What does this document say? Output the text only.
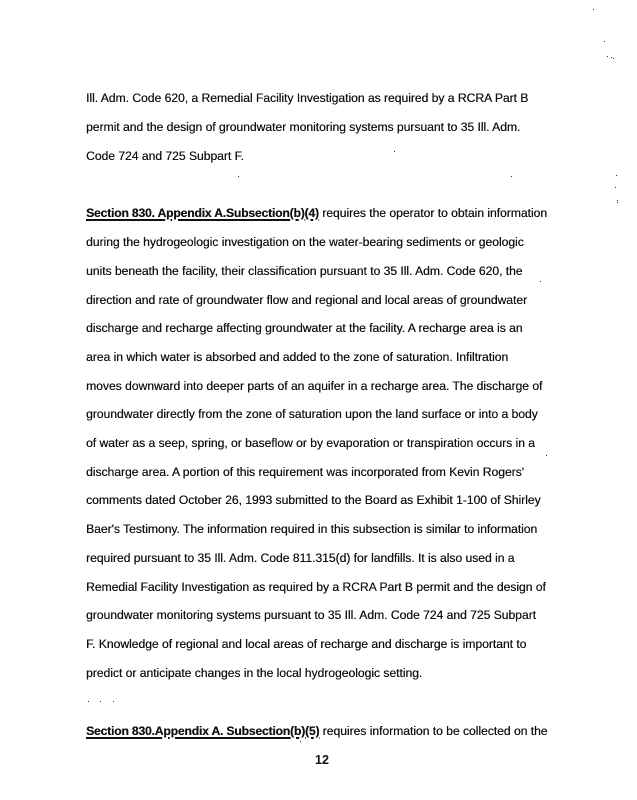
Ill. Adm. Code 620, a Remedial Facility Investigation as required by a RCRA Part B
permit and the design of groundwater monitoring systems pursuant to 35 Ill. Adm.
Code 724 and 725 Subpart F.
Section 830. Appendix A.Subsection(b)(4) requires the operator to obtain information
during the hydrogeologic investigation on the water-bearing sediments or geologic
units beneath the facility, their classification pursuant to 35 Ill. Adm. Code 620, the
direction and rate of groundwater flow and regional and local areas of groundwater
discharge and recharge affecting groundwater at the facility. A recharge area is an
area in which water is absorbed and added to the zone of saturation. Infiltration
moves downward into deeper parts of an aquifer in a recharge area. The discharge of
groundwater directly from the zone of saturation upon the land surface or into a body
of water as a seep, spring, or baseflow or by evaporation or transpiration occurs in a
discharge area. A portion of this requirement was incorporated from Kevin Rogers'
comments dated October 26, 1993 submitted to the Board as Exhibit 1-100 of Shirley
Baer's Testimony. The information required in this subsection is similar to information
required pursuant to 35 Ill. Adm. Code 811.315(d) for landfills. It is also used in a
Remedial Facility Investigation as required by a RCRA Part B permit and the design of
groundwater monitoring systems pursuant to 35 Ill. Adm. Code 724 and 725 Subpart
F. Knowledge of regional and local areas of recharge and discharge is important to
predict or anticipate changes in the local hydrogeologic setting.
Section 830.Appendix A. Subsection(b)(5) requires information to be collected on the
12
